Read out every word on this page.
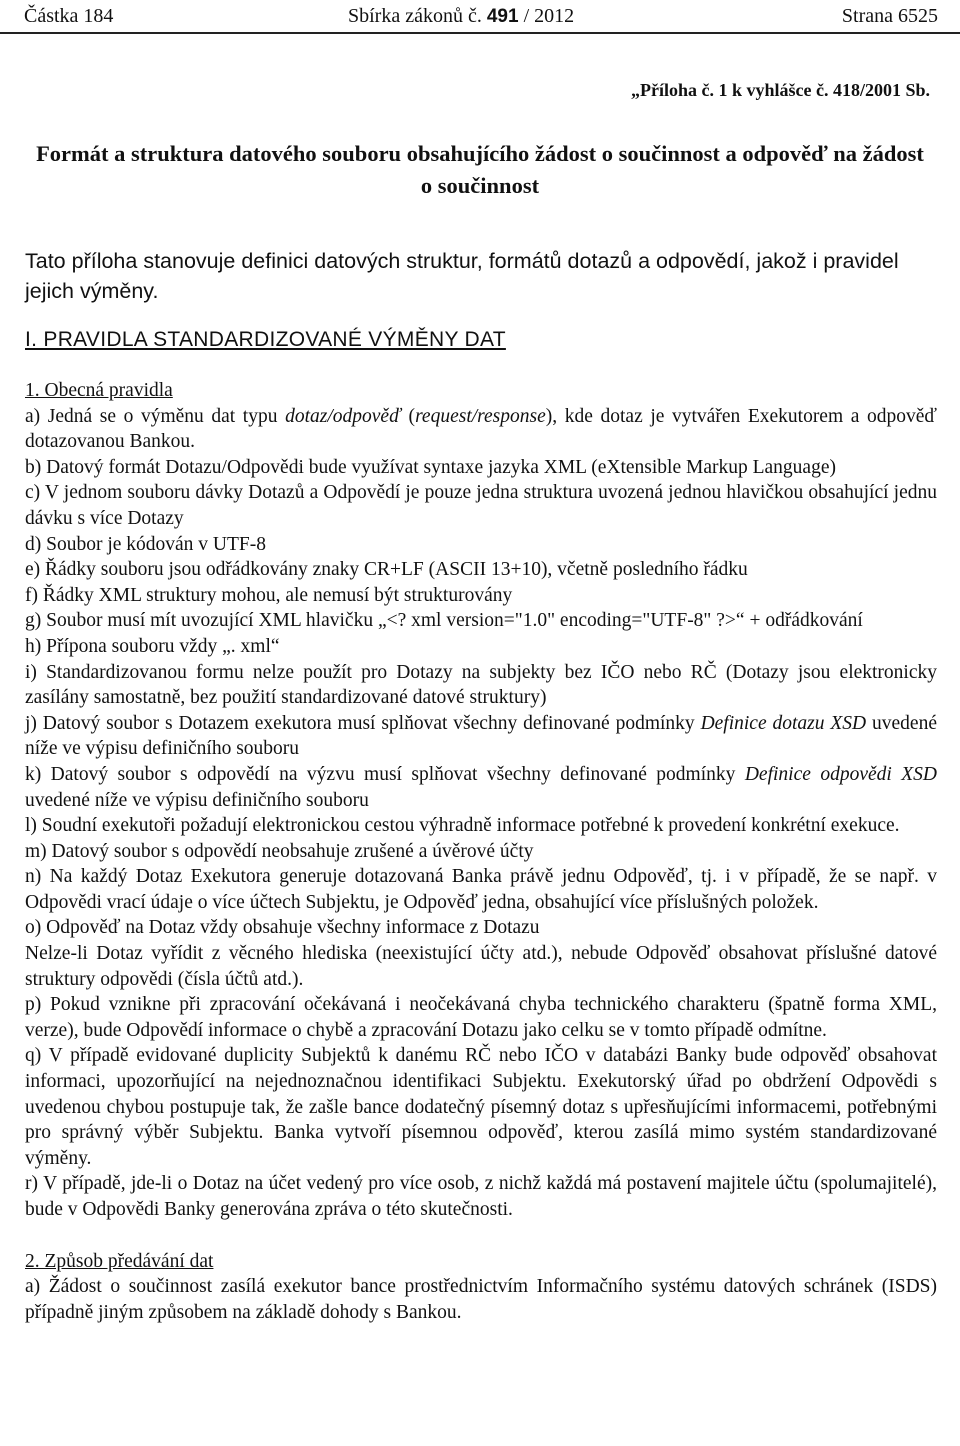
Částka 184	Sbírka zákonů č. 491 / 2012	Strana 6525
„Příloha č. 1 k vyhlášce č. 418/2001 Sb.
Formát a struktura datového souboru obsahujícího žádost o součinnost a odpověď na žádost o součinnost
Tato příloha stanovuje definici datových struktur, formátů dotazů a odpovědí, jakož i pravidel jejich výměny.
I. PRAVIDLA STANDARDIZOVANÉ VÝMĚNY DAT

1. Obecná pravidla

a) Jedná se o výměnu dat typu dotaz/odpověď (request/response), kde dotaz je vytvářen Exekutorem a odpověď dotazovanou Bankou.

b) Datový formát Dotazu/Odpovědi bude využívat syntaxe jazyka XML (eXtensible Markup Language)

c) V jednom souboru dávky Dotazů a Odpovědí je pouze jedna struktura uvozená jednou hlavičkou obsahující jednu dávku s více Dotazy

d) Soubor je kódován v UTF-8

e) Řádky souboru jsou odřádkovány znaky CR+LF (ASCII 13+10), včetně posledního řádku

f) Řádky XML struktury mohou, ale nemusí být strukturovány

g) Soubor musí mít uvozující XML hlavičku „<? xml version="1.0" encoding="UTF-8" ?>“ + odřádkování

h) Přípona souboru vždy „. xml“

i) Standardizovanou formu nelze použít pro Dotazy na subjekty bez IČO nebo RČ (Dotazy jsou elektronicky zasílány samostatně, bez použití standardizované datové struktury)

j) Datový soubor s Dotazem exekutora musí splňovat všechny definované podmínky Definice dotazu XSD uvedené níže ve výpisu definičního souboru

k) Datový soubor s odpovědí na výzvu musí splňovat všechny definované podmínky Definice odpovědi XSD uvedené níže ve výpisu definičního souboru

l) Soudní exekutoři požadují elektronickou cestou výhradně informace potřebné k provedení konkrétní exekuce.

m) Datový soubor s odpovědí neobsahuje zrušené a úvěrové účty

n) Na každý Dotaz Exekutora generuje dotazovaná Banka právě jednu Odpověď, tj. i v případě, že se např. v Odpovědi vrací údaje o více účtech Subjektu, je Odpověď jedna, obsahující více příslušných položek.

o) Odpověď na Dotaz vždy obsahuje všechny informace z Dotazu

Nelze-li Dotaz vyřídit z věcného hlediska (neexistující účty atd.), nebude Odpověď obsahovat příslušné datové struktury odpovědi (čísla účtů atd.).

p) Pokud vznikne při zpracování očekávaná i neočekávaná chyba technického charakteru (špatně forma XML, verze), bude Odpovědí informace o chybě a zpracování Dotazu jako celku se v tomto případě odmítne.

q) V případě evidované duplicity Subjektů k danému RČ nebo IČO v databázi Banky bude odpověď obsahovat informaci, upozorňující na nejednoznačnou identifikaci Subjektu. Exekutorský úřad po obdržení Odpovědi s uvedenou chybou postupuje tak, že zašle bance dodatečný písemný dotaz s upřesňujícími informacemi, potřebnými pro správný výběr Subjektu. Banka vytvoří písemnou odpověď, kterou zasílá mimo systém standardizované výměny.

r) V případě, jde-li o Dotaz na účet vedený pro více osob, z nichž každá má postavení majitele účtu (spolumajitelé), bude v Odpovědi Banky generována zpráva o této skutečnosti.

2. Způsob předávání dat

a) Žádost o součinnost zasílá exekutor bance prostřednictvím Informačního systému datových schránek (ISDS) případně jiným způsobem na základě dohody s Bankou.
